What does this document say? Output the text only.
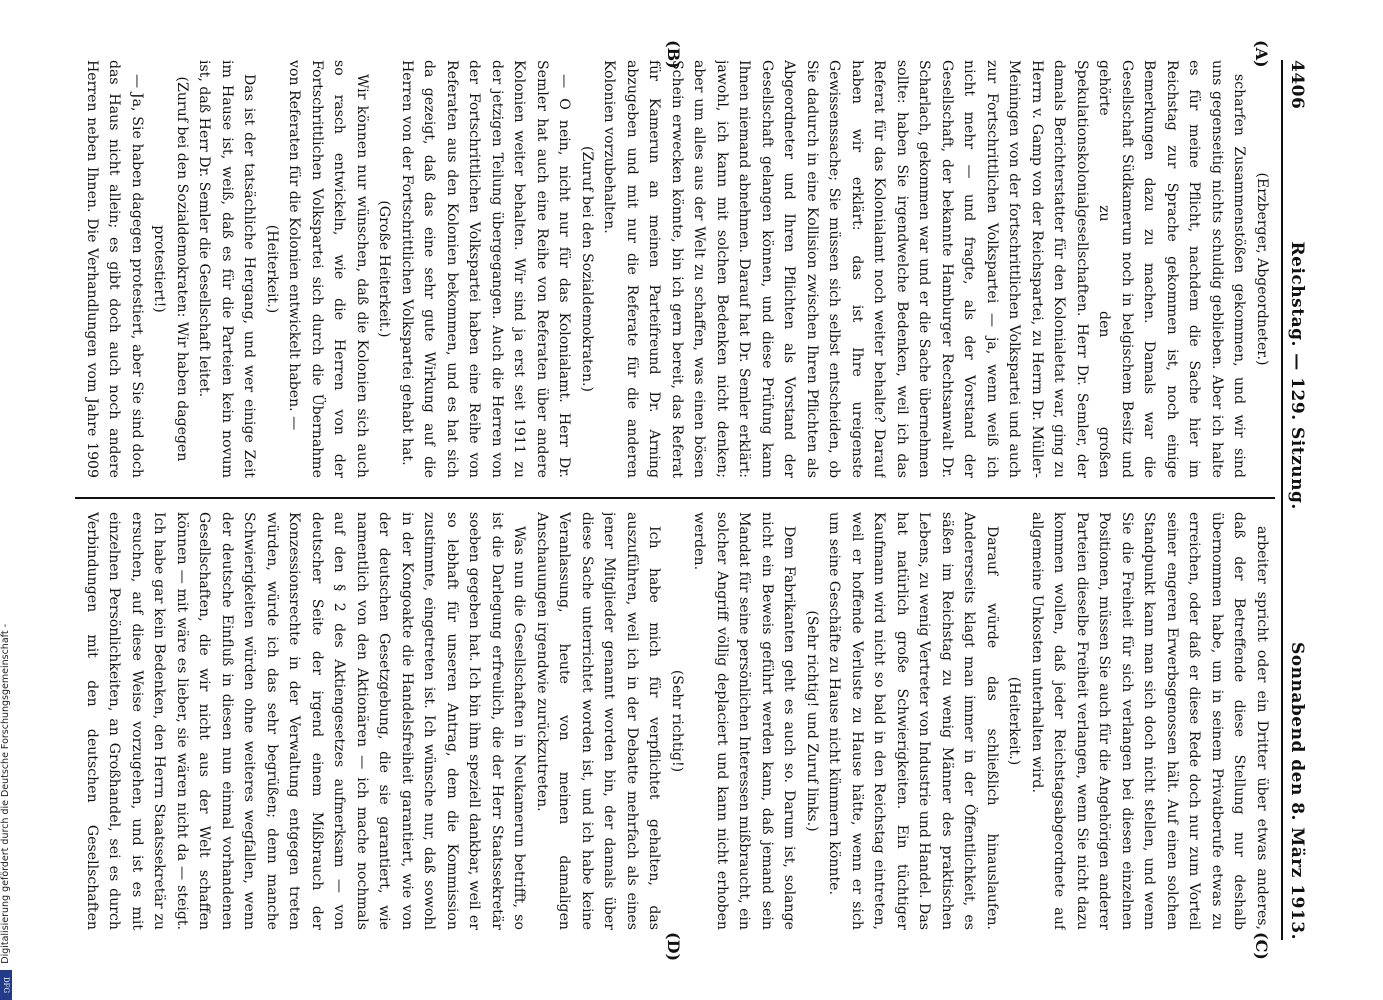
4406
Reichstag. — 129. Sitzung.
Sonnabend den 8. März 1913.
(A)
(B)
(C)
(D)

(Erzberger, Abgeordneter.)

scharfen Zusammenstößen gekommen, und wir sind uns gegenseitig nichts schuldig geblieben. Aber ich halte es für meine Pflicht, nachdem die Sache hier im Reichstag zur Sprache gekommen ist, noch einige Bemerkungen dazu zu machen. Damals war die Gesellschaft Südkamerun noch in belgischem Besitz und gehörte zu den großen Spekulationskolonialgesellschaften. Herr Dr. Semler, der damals Berichterstatter für den Kolonialetat war, ging zu Herrn v. Gamp von der Reichspartei, zu Herrn Dr. Müller-Meiningen von der fortschrittlichen Volkspartei und auch zur Fortschrittlichen Volkspartei — ja, wenn weiß ich nicht mehr — und fragte, als der Vorstand der Gesellschaft, der bekannte Hamburger Rechtsanwalt Dr. Scharlach, gekommen war und er die Sache übernehmen sollte: haben Sie irgendwelche Bedenken, weil ich das Referat für das Kolonialamt noch weiter behalte? Darauf haben wir erklärt: das ist Ihre ureigenste Gewissenssache; Sie müssen sich selbst entscheiden, ob Sie dadurch in eine Kollision zwischen Ihren Pflichten als Abgeordneter und Ihren Pflichten als Vorstand der Gesellschaft gelangen können, und diese Prüfung kann Ihnen niemand abnehmen. Darauf hat Dr. Semler erklärt: jawohl, ich kann mit solchen Bedenken nicht denken; aber um alles aus der Welt zu schaffen, was einen bösen Schein erwecken könnte, bin ich gern bereit, das Referat für Kamerun an meinen Parteifreund Dr. Arning abzugeben und mit nur die Referate für die anderen Kolonien vorzubehalten.

(Zuruf bei den Sozialdemokraten.)

— O nein, nicht nur für das Kolonialamt. Herr Dr. Semler hat auch eine Reihe von Referaten über andere Kolonien weiter behalten. Wir sind ja erst seit 1911 zu der jetzigen Teilung übergegangen. Auch die Herren von der Fortschrittlichen Volkspartei haben eine Reihe von Referaten aus den Kolonien bekommen, und es hat sich da gezeigt, daß das eine sehr gute Wirkung auf die Herren von der Fortschrittlichen Volkspartei gehabt hat.

(Große Heiterkeit.)

Wir können nur wünschen, daß die Kolonien sich auch so rasch entwickeln, wie die Herren von der Fortschrittlichen Volkspartei sich durch die Übernahme von Referaten für die Kolonien entwickelt haben. —

(Heiterkeit.)

Das ist der tatsächliche Hergang, und wer einige Zeit im Hause ist, weiß, daß es für die Parteien kein novum ist, daß Herr Dr. Semler die Gesellschaft leitet.

(Zuruf bei den Sozialdemokraten: Wir haben dagegen protestiert!)

— Ja, Sie haben dagegen protestiert, aber Sie sind doch das Haus nicht allein; es gibt doch auch noch andere Herren neben Ihnen. Die Verhandlungen vom Jahre 1909

arbeiter spricht oder ein Dritter über etwas anderes, daß der Betreffende diese Stellung nur deshalb übernommen habe, um in seinem Privatberufe etwas zu erreichen, oder daß er diese Rede doch nur zum Vorteil seiner engeren Erwerbsgenossen hält. Auf einen solchen Standpunkt kann man sich doch nicht stellen, und wenn Sie die Freiheit für sich verlangen bei diesen einzelnen Positionen, müssen Sie auch für die Angehörigen anderer Parteien dieselbe Freiheit verlangen, wenn Sie nicht dazu kommen wollen, daß jeder Reichstagsabgeordnete auf allgemeine Unkosten unterhalten wird.

(Heiterkeit.)

Darauf würde das schließlich hinauslaufen. Andererseits klagt man immer in der Öffentlichkeit, es säßen im Reichstag zu wenig Männer des praktischen Lebens, zu wenig Vertreter von Industrie und Handel. Das hat natürlich große Schwierigkeiten. Ein tüchtiger Kaufmann wird nicht so bald in den Reichstag eintreten, weil er hoffende Verluste zu Hause hätte, wenn er sich um seine Geschäfte zu Hause nicht kümmern könnte.

(Sehr richtig! und Zuruf links.)

Dem Fabrikanten geht es auch so. Darum ist, solange nicht ein Beweis geführt werden kann, daß jemand sein Mandat für seine persönlichen Interessen mißbraucht, ein solcher Angriff völlig deplaciert und kann nicht erhoben werden.

(Sehr richtig!)

Ich habe mich für verpflichtet gehalten, das auszuführen, weil ich in der Debatte mehrfach als eines jener Mitglieder genannt worden bin, der damals über diese Sache unterrichtet worden ist, und ich habe keine Veranlassung, heute von meinen damaligen Anschauungen irgendwie zurückzutreten.

Was nun die Gesellschaften in Neukamerun betrifft, so ist die Darlegung erfreulich, die der Herr Staatssekretär soeben gegeben hat. Ich bin ihm speziell dankbar, weil er so lebhaft für unseren Antrag, dem die Kommission zustimmte, eingetreten ist. Ich wünsche nur, daß sowohl in der Kongoakte die Handelsfreiheit garantiert, wie von der deutschen Gesetzgebung, die sie garantiert, wie namentlich von den Aktionären — ich mache nochmals auf den § 2 des Aktiengesetzes aufmerksam — von deutscher Seite der irgend einem Mißbrauch der Konzessionsrechte in der Verwaltung entgegen treten würden, würde ich das sehr begrüßen; denn manche Schwierigkeiten würden ohne weiteres wegfallen, wenn der deutsche Einfluß in diesen nun einmal vorhandenen Gesellschaften, die wir nicht aus der Welt schaffen können — mit wäre es lieber, sie wären nicht da — steigt. Ich habe gar kein Bedenken, den Herrn Staatssekretär zu ersuchen, auf diese Weise vorzugehen, und ist es mit einzelnen Persönlichkeiten, an Großhandel, sei es durch Verbindungen mit den deutschen Gesellschaften

Digitalisierung gefördert durch die Deutsche Forschungsgemeinschaft -
DFG
